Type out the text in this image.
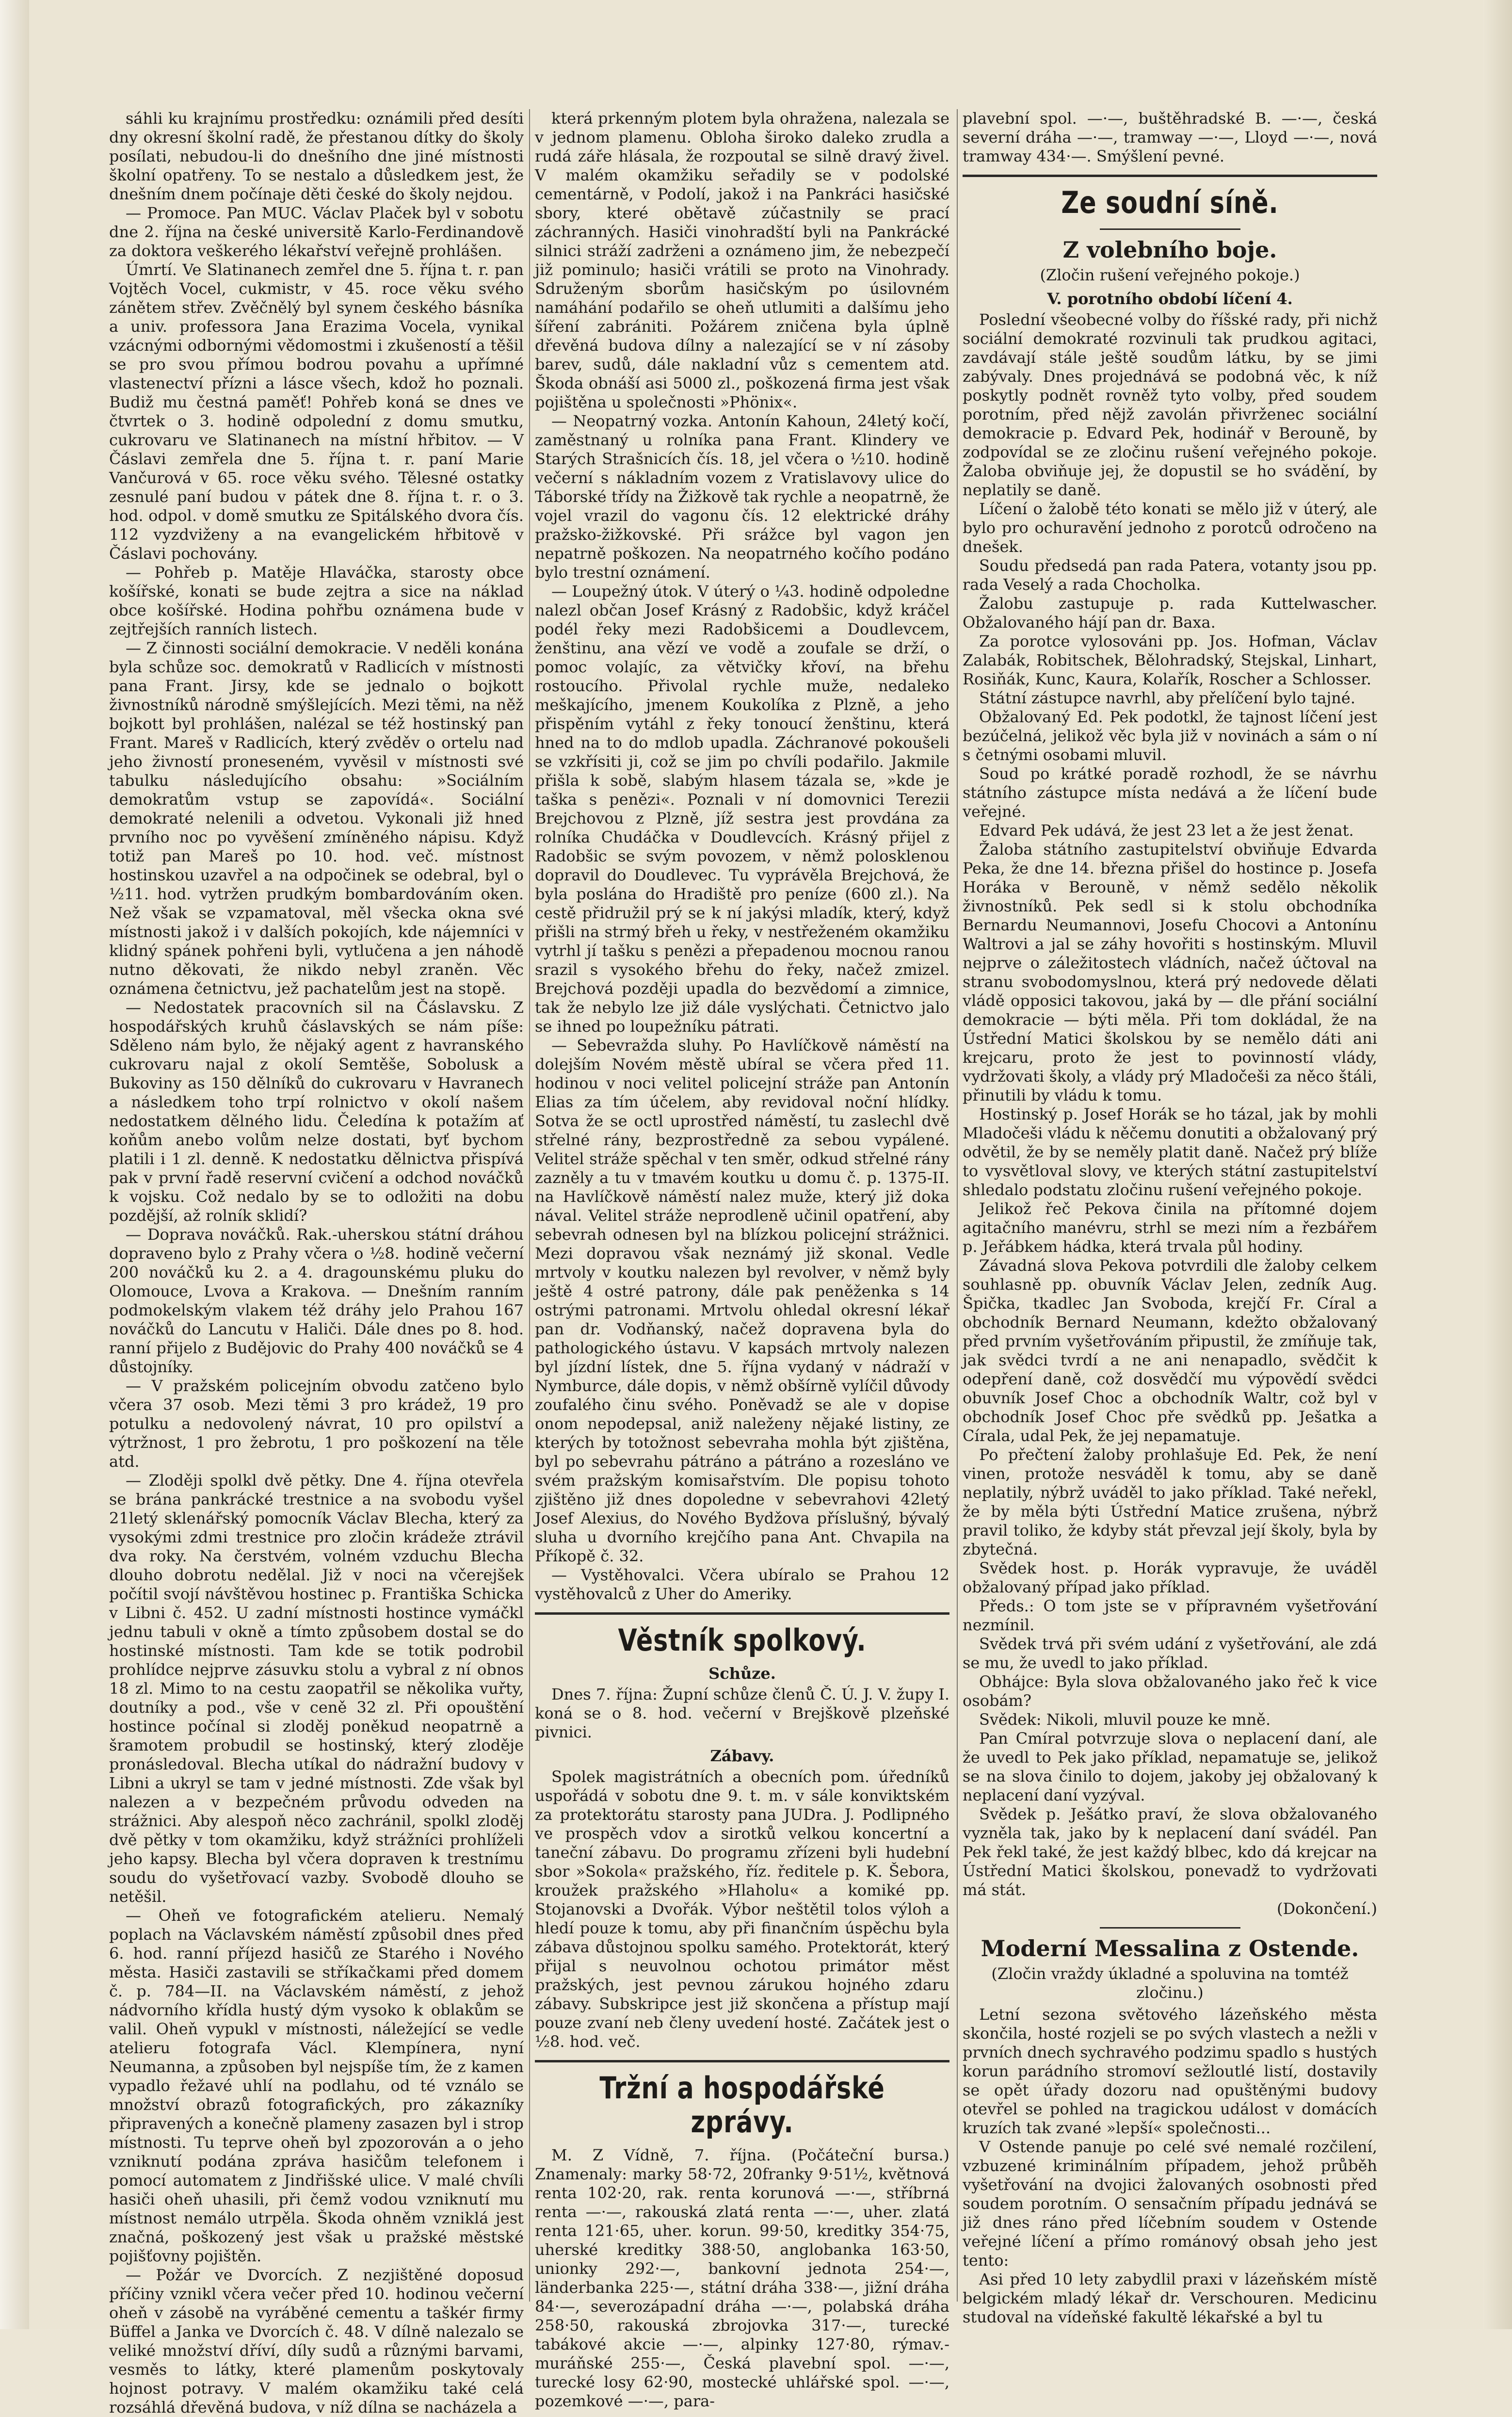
sáhli ku krajnímu prostředku: oznámili před desíti dny okresní školní radě, že přestanou dítky do školy posílati, nebudou-li do dnešního dne jiné místnosti školní opatřeny. To se nestalo a důsledkem jest, že dnešním dnem počínaje děti české do školy nejdou.

— Promoce. Pan MUC. Václav Plaček byl v sobotu dne 2. října na české universitě Karlo-Ferdinandově za doktora veškerého lékařství veřejně prohlášen.

Úmrtí. Ve Slatinanech zemřel dne 5. října t. r. pan Vojtěch Vocel, cukmistr, v 45. roce věku svého zánětem střev. Zvěčnělý byl synem českého básníka a univ. professora Jana Erazima Vocela, vynikal vzácnými odbornými vědomostmi i zkušeností a těšil se pro svou přímou bodrou povahu a upřímné vlastenectví přízni a lásce všech, kdož ho poznali. Budiž mu čestná paměť! Pohřeb koná se dnes ve čtvrtek o 3. hodině odpolední z domu smutku, cukrovaru ve Slatinanech na místní hřbitov. — V Čáslavi zemřela dne 5. října t. r. paní Marie Vančurová v 65. roce věku svého. Tělesné ostatky zesnulé paní budou v pátek dne 8. října t. r. o 3. hod. odpol. v domě smutku ze Spitálského dvora čís. 112 vyzdviženy a na evangelickém hřbitově v Čáslavi pochovány.

— Pohřeb p. Matěje Hlaváčka, starosty obce košířské, konati se bude zejtra a sice na náklad obce košířské. Hodina pohřbu oznámena bude v zejtřejších ranních listech.

— Z činnosti sociální demokracie. V neděli konána byla schůze soc. demokratů v Radlicích v místnosti pana Frant. Jirsy, kde se jednalo o bojkott živnostníků národně smýšlejících. Mezi těmi, na něž bojkott byl prohlášen, nalézal se též hostinský pan Frant. Mareš v Radlicích, který zvěděv o ortelu nad jeho živností proneseném, vyvěsil v místnosti své tabulku následujícího obsahu: »Sociálním demokratům vstup se zapovídá«. Sociální demokraté nelenili a odvetou. Vykonali již hned prvního noc po vyvěšení zmíněného nápisu. Když totiž pan Mareš po 10. hod. več. místnost hostinskou uzavřel a na odpočinek se odebral, byl o ½11. hod. vytržen prudkým bombardováním oken. Než však se vzpamatoval, měl všecka okna své místnosti jakož i v dalších pokojích, kde nájemníci v klidný spánek pohřeni byli, vytlučena a jen náhodě nutno děkovati, že nikdo nebyl zraněn. Věc oznámena četnictvu, jež pachatelům jest na stopě.

— Nedostatek pracovních sil na Čáslavsku. Z hospodářských kruhů čáslavských se nám píše: Sděleno nám bylo, že nějaký agent z havranského cukrovaru najal z okolí Semtěše, Sobolusk a Bukoviny as 150 dělníků do cukrovaru v Havranech a následkem toho trpí rolnictvo v okolí našem nedostatkem dělného lidu. Čeledína k potažím ať koňům anebo volům nelze dostati, byť bychom platili i 1 zl. denně. K nedostatku dělnictva přispívá pak v první řadě reservní cvičení a odchod nováčků k vojsku. Což nedalo by se to odložiti na dobu pozdější, až rolník sklidí?

— Doprava nováčků. Rak.-uherskou státní dráhou dopraveno bylo z Prahy včera o ½8. hodině večerní 200 nováčků ku 2. a 4. dragounskému pluku do Olomouce, Lvova a Krakova. — Dnešním ranním podmokelským vlakem též dráhy jelo Prahou 167 nováčků do Lancutu v Haliči. Dále dnes po 8. hod. ranní přijelo z Budějovic do Prahy 400 nováčků se 4 důstojníky.

— V pražském policejním obvodu zatčeno bylo včera 37 osob. Mezi těmi 3 pro krádež, 19 pro potulku a nedovolený návrat, 10 pro opilství a výtržnost, 1 pro žebrotu, 1 pro poškození na těle atd.

— Zloději spolkl dvě pětky. Dne 4. října otevřela se brána pankrácké trestnice a na svobodu vyšel 21letý sklenářský pomocník Václav Blecha, který za vysokými zdmi trestnice pro zločin krádeže ztrávil dva roky. Na čerstvém, volném vzduchu Blecha dlouho dobrotu nedělal. Již v noci na včerejšek počítil svojí návštěvou hostinec p. Františka Schicka v Libni č. 452. U zadní místnosti hostince vymáčkl jednu tabuli v okně a tímto způsobem dostal se do hostinské místnosti. Tam kde se totik podrobil prohlídce nejprve zásuvku stolu a vybral z ní obnos 18 zl. Mimo to na cestu zaopatřil se několika vuřty, doutníky a pod., vše v ceně 32 zl. Při opouštění hostince počínal si zloděj poněkud neopatrně a šramotem probudil se hostinský, který zloděje pronásledoval. Blecha utíkal do nádražní budovy v Libni a ukryl se tam v jedné místnosti. Zde však byl nalezen a v bezpečném průvodu odveden na strážnici. Aby alespoň něco zachránil, spolkl zloděj dvě pětky v tom okamžiku, když strážníci prohlíželi jeho kapsy. Blecha byl včera dopraven k trestnímu soudu do vyšetřovací vazby. Svobodě dlouho se netěšil.

— Oheň ve fotografickém atelieru. Nemalý poplach na Václavském náměstí způsobil dnes před 6. hod. ranní příjezd hasičů ze Starého i Nového města. Hasiči zastavili se stříkačkami před domem č. p. 784—II. na Václavském náměstí, z jehož nádvorního křídla hustý dým vysoko k oblakům se valil. Oheň vypukl v místnosti, náležející se vedle atelieru fotografa Václ. Klempínera, nyní Neumanna, a způsoben byl nejspíše tím, že z kamen vypadlo řežavé uhlí na podlahu, od té vználo se množství obrazů fotografických, pro zákazníky připravených a konečně plameny zasazen byl i strop místnosti. Tu teprve oheň byl zpozorován a o jeho vzniknutí podána zpráva hasičům telefonem i pomocí automatem z Jindřišské ulice. V malé chvíli hasiči oheň uhasili, při čemž vodou vzniknutí mu místnost nemálo utrpěla. Škoda ohněm vzniklá jest značná, poškozený jest však u pražské městské pojišťovny pojištěn.

— Požár ve Dvorcích. Z nezjištěné doposud příčiny vznikl včera večer před 10. hodinou večerní oheň v zásobě na vyráběné cementu a taškér firmy Büffel a Janka ve Dvorcích č. 48. V dílně nalezalo se veliké množství dříví, díly sudů a různými barvami, vesměs to látky, které plamenům poskytovaly hojnost potravy. V malém okamžiku také celá rozsáhlá dřevěná budova, v níž dílna se nacházela a

která prkenným plotem byla ohražena, nalezala se v jednom plamenu. Obloha široko daleko zrudla a rudá záře hlásala, že rozpoutal se silně dravý živel. V malém okamžiku seřadily se v podolské cementárně, v Podolí, jakož i na Pankráci hasičské sbory, které obětavě zúčastnily se prací záchranných. Hasiči vinohradští byli na Pankrácké silnici stráží zadrženi a oznámeno jim, že nebezpečí již pominulo; hasiči vrátili se proto na Vinohrady. Sdruženým sborům hasičským po úsilovném namáhání podařilo se oheň utlumiti a dalšímu jeho šíření zabrániti. Požárem zničena byla úplně dřevěná budova dílny a nalezající se v ní zásoby barev, sudů, dále nakladní vůz s cementem atd. Škoda obnáší asi 5000 zl., poškozená firma jest však pojištěna u společnosti »Phönix«.

— Neopatrný vozka. Antonín Kahoun, 24letý kočí, zaměstnaný u rolníka pana Frant. Klindery ve Starých Strašnicích čís. 18, jel včera o ½10. hodině večerní s nákladním vozem z Vratislavovy ulice do Táborské třídy na Žižkově tak rychle a neopatrně, že vojel vrazil do vagonu čís. 12 elektrické dráhy pražsko-žižkovské. Při srážce byl vagon jen nepatrně poškozen. Na neopatrného kočího podáno bylo trestní oznámení.

— Loupežný útok. V úterý o ¼3. hodině odpoledne nalezl občan Josef Krásný z Radobšic, když kráčel podél řeky mezi Radobšicemi a Doudlevcem, ženštinu, ana vězí ve vodě a zoufale se drží, o pomoc volajíc, za větvičky křoví, na břehu rostoucího. Přivolal rychle muže, nedaleko meškajícího, jmenem Koukolíka z Plzně, a jeho přispěním vytáhl z řeky tonoucí ženštinu, která hned na to do mdlob upadla. Záchranové pokoušeli se vzkřísiti ji, což se jim po chvíli podařilo. Jakmile přišla k sobě, slabým hlasem tázala se, »kde je taška s penězi«. Poznali v ní domovnici Terezii Brejchovou z Plzně, jíž sestra jest provdána za rolníka Chudáčka v Doudlevcích. Krásný přijel z Radobšic se svým povozem, v němž polosklenou dopravil do Doudlevec. Tu vyprávěla Brejchová, že byla poslána do Hradiště pro peníze (600 zl.). Na cestě přidružil prý se k ní jakýsi mladík, který, když přišli na strmý břeh u řeky, v nestřeženém okamžiku vytrhl jí tašku s penězi a přepadenou mocnou ranou srazil s vysokého břehu do řeky, načež zmizel. Brejchová později upadla do bezvědomí a zimnice, tak že nebylo lze již dále vyslýchati. Četnictvo jalo se ihned po loupežníku pátrati.

— Sebevražda sluhy. Po Havlíčkově náměstí na dolejším Novém městě ubíral se včera před 11. hodinou v noci velitel policejní stráže pan Antonín Elias za tím účelem, aby revidoval noční hlídky. Sotva že se octl uprostřed náměstí, tu zaslechl dvě střelné rány, bezprostředně za sebou vypálené. Velitel stráže spěchal v ten směr, odkud střelné rány zazněly a tu v tmavém koutku u domu č. p. 1375-II. na Havlíčkově náměstí nalez muže, který již doka nával. Velitel stráže neprodleně učinil opatření, aby sebevrah odnesen byl na blízkou policejní strážnici. Mezi dopravou však neznámý již skonal. Vedle mrtvoly v koutku nalezen byl revolver, v němž byly ještě 4 ostré patrony, dále pak peněženka s 14 ostrými patronami. Mrtvolu ohledal okresní lékař pan dr. Vodňanský, načež dopravena byla do pathologického ústavu. V kapsách mrtvoly nalezen byl jízdní lístek, dne 5. října vydaný v nádraží v Nymburce, dále dopis, v němž obšírně vylíčil důvody zoufalého činu svého. Poněvadž se ale v dopise onom nepodepsal, aniž naleženy nějaké listiny, ze kterých by totožnost sebevraha mohla být zjištěna, byl po sebevrahu pátráno a pátráno a rozesláno ve svém pražským komisařstvím. Dle popisu tohoto zjištěno již dnes dopoledne v sebevrahovi 42letý Josef Alexius, do Nového Bydžova příslušný, bývalý sluha u dvorního krejčího pana Ant. Chvapila na Příkopě č. 32.

— Vystěhovalci. Včera ubíralo se Prahou 12 vystěhovalců z Uher do Ameriky.

Věstník spolkový.
Schůze.

Dnes 7. října: Župní schůze členů Č. Ú. J. V. župy I. koná se o 8. hod. večerní v Brejškově plzeňské pivnici.

Zábavy.

Spolek magistrátních a obecních pom. úředníků uspořádá v sobotu dne 9. t. m. v sále konviktském za protektorátu starosty pana JUDra. J. Podlipného ve prospěch vdov a sirotků velkou koncertní a taneční zábavu. Do programu zřízeni byli hudební sbor »Sokola« pražského, říz. ředitele p. K. Šebora, kroužek pražského »Hlaholu« a komiké pp. Stojanovski a Dvořák. Výbor neštětil tolos výloh a hledí pouze k tomu, aby při finančním úspěchu byla zábava důstojnou spolku samého. Protektorát, který přijal s neuvolnou ochotou primátor měst pražských, jest pevnou zárukou hojného zdaru zábavy. Subskripce jest již skončena a přístup mají pouze zvaní neb členy uvedení hosté. Začátek jest o ½8. hod. več.

Tržní a hospodářské zprávy.

M. Z Vídně, 7. října. (Počáteční bursa.) Znamenaly: marky 58·72, 20franky 9·51½, květnová renta 102·20, rak. renta korunová —·—, stříbrná renta —·—, rakouská zlatá renta —·—, uher. zlatá renta 121·65, uher. korun. 99·50, kreditky 354·75, uherské kreditky 388·50, anglobanka 163·50, unionky 292·—, bankovní jednota 254·—, länderbanka 225·—, státní dráha 338·—, jižní dráha 84·—, severozápadní dráha —·—, polabská dráha 258·50, rakouská zbrojovka 317·—, turecké tabákové akcie —·—, alpinky 127·80, rýmav.-muráňské 255·—, Česká plavební spol. —·—, turecké losy 62·90, mostecké uhlářské spol. —·—, pozemkové —·—, para-

plavební spol. —·—, buštěhradské B. —·—, česká severní dráha —·—, tramway —·—, Lloyd —·—, nová tramway 434·—. Smýšlení pevné.

Ze soudní síně.
Z volebního boje.
(Zločin rušení veřejného pokoje.)
V. porotního období líčení 4.

Poslední všeobecné volby do říšské rady, při nichž sociální demokraté rozvinuli tak prudkou agitaci, zavdávají stále ještě soudům látku, by se jimi zabývaly. Dnes projednává se podobná věc, k níž poskytly podnět rovněž tyto volby, před soudem porotním, před nějž zavolán přivrženec sociální demokracie p. Edvard Pek, hodinář v Berouně, by zodpovídal se ze zločinu rušení veřejného pokoje. Žaloba obviňuje jej, že dopustil se ho svádění, by neplatily se daně.

Líčení o žalobě této konati se mělo již v úterý, ale bylo pro ochuravění jednoho z porotců odročeno na dnešek.

Soudu předsedá pan rada Patera, votanty jsou pp. rada Veselý a rada Chocholka.

Žalobu zastupuje p. rada Kuttelwascher. Obžalovaného hájí pan dr. Baxa.

Za porotce vylosováni pp. Jos. Hofman, Václav Zalabák, Robitschek, Bělohradský, Stejskal, Linhart, Rosiňák, Kunc, Kaura, Kolařík, Roscher a Schlosser.

Státní zástupce navrhl, aby přelíčení bylo tajné.

Obžalovaný Ed. Pek podotkl, že tajnost líčení jest bezúčelná, jelikož věc byla již v novinách a sám o ní s četnými osobami mluvil.

Soud po krátké poradě rozhodl, že se návrhu státního zástupce místa nedává a že líčení bude veřejné.

Edvard Pek udává, že jest 23 let a že jest ženat.

Žaloba státního zastupitelství obviňuje Edvarda Peka, že dne 14. března přišel do hostince p. Josefa Horáka v Berouně, v němž sedělo několik živnostníků. Pek sedl si k stolu obchodníka Bernardu Neumannovi, Josefu Chocovi a Antonínu Waltrovi a jal se záhy hovořiti s hostinským. Mluvil nejprve o záležitostech vládních, načež účtoval na stranu svobodomyslnou, která prý nedovede dělati vládě opposici takovou, jaká by — dle přání sociální demokracie — býti měla. Při tom dokládal, že na Ústřední Matici školskou by se nemělo dáti ani krejcaru, proto že jest to povinností vlády, vydržovati školy, a vlády prý Mladočeši za něco štáli, přinutili by vládu k tomu.

Hostinský p. Josef Horák se ho tázal, jak by mohli Mladočeši vládu k něčemu donutiti a obžalovaný prý odvětil, že by se neměly platit daně. Načež prý blíže to vysvětloval slovy, ve kterých státní zastupitelství shledalo podstatu zločinu rušení veřejného pokoje.

Jelikož řeč Pekova činila na přítomné dojem agitačního manévru, strhl se mezi ním a řezbářem p. Jeřábkem hádka, která trvala půl hodiny.

Závadná slova Pekova potvrdili dle žaloby celkem souhlasně pp. obuvník Václav Jelen, zedník Aug. Špička, tkadlec Jan Svoboda, krejčí Fr. Círal a obchodník Bernard Neumann, kdežto obžalovaný před prvním vyšetřováním připustil, že zmíňuje tak, jak svědci tvrdí a ne ani nenapadlo, svědčit k odepření daně, což dosvědčí mu výpovědí svědci obuvník Josef Choc a obchodník Waltr, což byl v obchodník Josef Choc pře svědků pp. Ješatka a Círala, udal Pek, že jej nepamatuje.

Po přečtení žaloby prohlašuje Ed. Pek, že není vinen, protože nesváděl k tomu, aby se daně neplatily, nýbrž uváděl to jako příklad. Také neřekl, že by měla býti Ústřední Matice zrušena, nýbrž pravil toliko, že kdyby stát převzal její školy, byla by zbytečná.

Svědek host. p. Horák vypravuje, že uváděl obžalovaný případ jako příklad.

Předs.: O tom jste se v přípravném vyšetřování nezmínil.

Svědek trvá při svém udání z vyšetřování, ale zdá se mu, že uvedl to jako příklad.

Obhájce: Byla slova obžalovaného jako řeč k vice osobám?

Svědek: Nikoli, mluvil pouze ke mně.

Pan Cmíral potvrzuje slova o neplacení daní, ale že uvedl to Pek jako příklad, nepamatuje se, jelikož se na slova činilo to dojem, jakoby jej obžalovaný k neplacení daní vyzýval.

Svědek p. Ješátko praví, že slova obžalovaného vyzněla tak, jako by k neplacení daní svádél. Pan Pek řekl také, že jest každý blbec, kdo dá krejcar na Ústřední Matici školskou, ponevadž to vydržovati má stát.

(Dokončení.)

Moderní Messalina z Ostende.
(Zločin vraždy úkladné a spoluvina na tomtéž zločinu.)

Letní sezona světového lázeňského města skončila, hosté rozjeli se po svých vlastech a nežli v prvních dnech sychravého podzimu spadlo s hustých korun parádního stromoví sežloutlé listí, dostavily se opět úřady dozoru nad opuštěnými budovy otevřel se pohled na tragickou událost v domácích kruzích tak zvané »lepší« společnosti...

V Ostende panuje po celé své nemalé rozčilení, vzbuzené kriminálním případem, jehož průběh vyšetřování na dvojici žalovaných osobnosti před soudem porotním. O sensačním případu jednává se již dnes ráno před líčebním soudem v Ostende veřejné líčení a přímo románový obsah jeho jest tento:

Asi před 10 lety zabydlil praxi v lázeňském místě belgickém mladý lékař dr. Verschouren. Medicinu studoval na vídeňské fakultě lékařské a byl tu
